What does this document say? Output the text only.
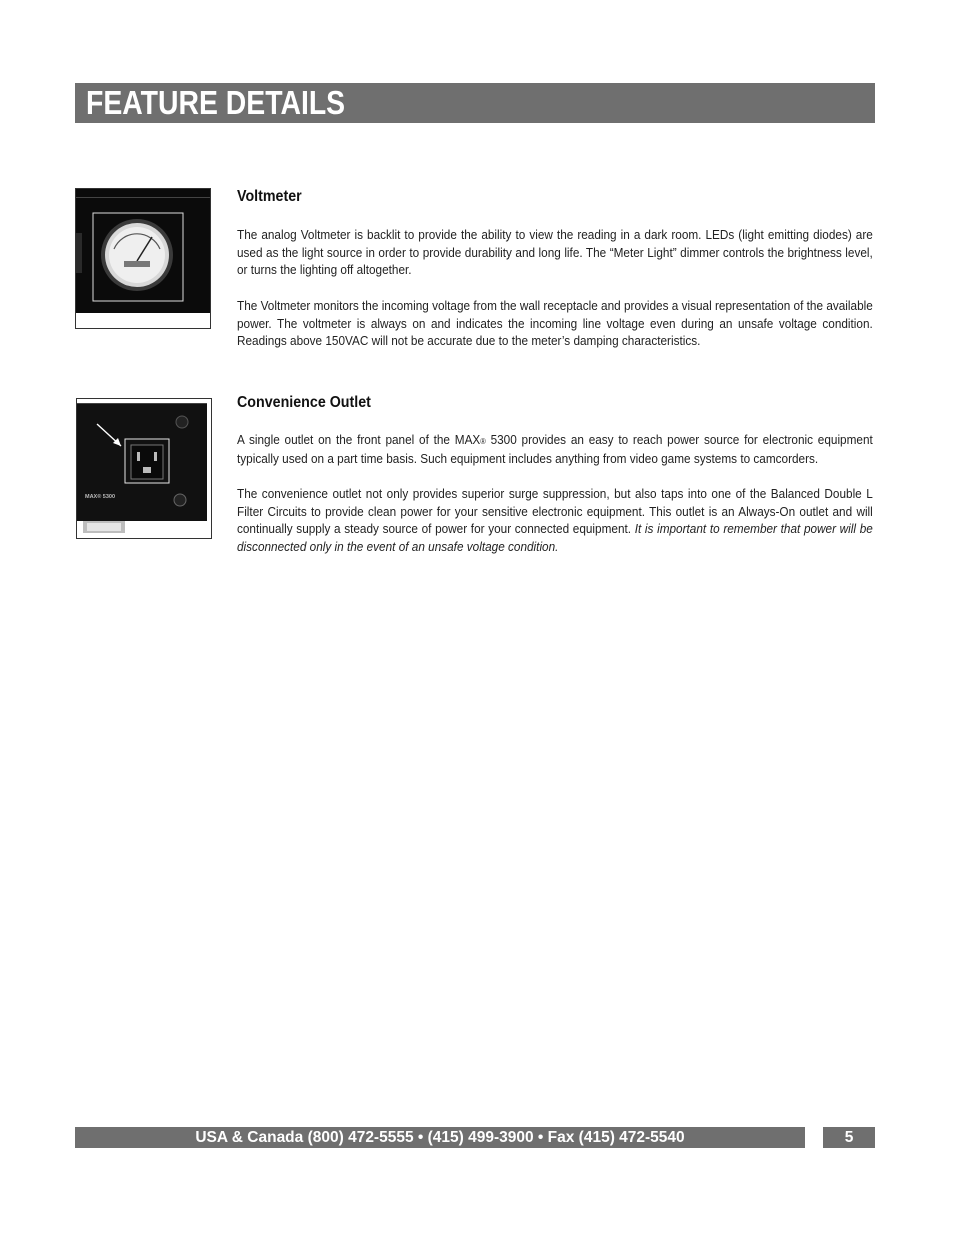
FEATURE DETAILS
Voltmeter
The analog Voltmeter is backlit to provide the ability to view the reading in a dark room. LEDs (light emitting diodes) are used as the light source in order to provide durability and long life. The “Meter Light” dimmer controls the brightness level, or turns the lighting off altogether.
The Voltmeter monitors the incoming voltage from the wall receptacle and provides a visual representation of the available power. The voltmeter is always on and indicates the incoming line voltage even during an unsafe voltage condition. Readings above 150VAC will not be accurate due to the meter’s damping characteristics.
MAX® 5300
Convenience Outlet
A single outlet on the front panel of the MAX® 5300 provides an easy to reach power source for electronic equipment typically used on a part time basis. Such equipment includes anything from video game systems to camcorders.
The convenience outlet not only provides superior surge suppression, but also taps into one of the Balanced Double L Filter Circuits to provide clean power for your sensitive electronic equipment. This outlet is an Always-On outlet and will continually supply a steady source of power for your connected equipment. It is important to remember that power will be disconnected only in the event of an unsafe voltage condition.
USA & Canada (800) 472-5555 • (415) 499-3900 • Fax (415) 472-5540	5
